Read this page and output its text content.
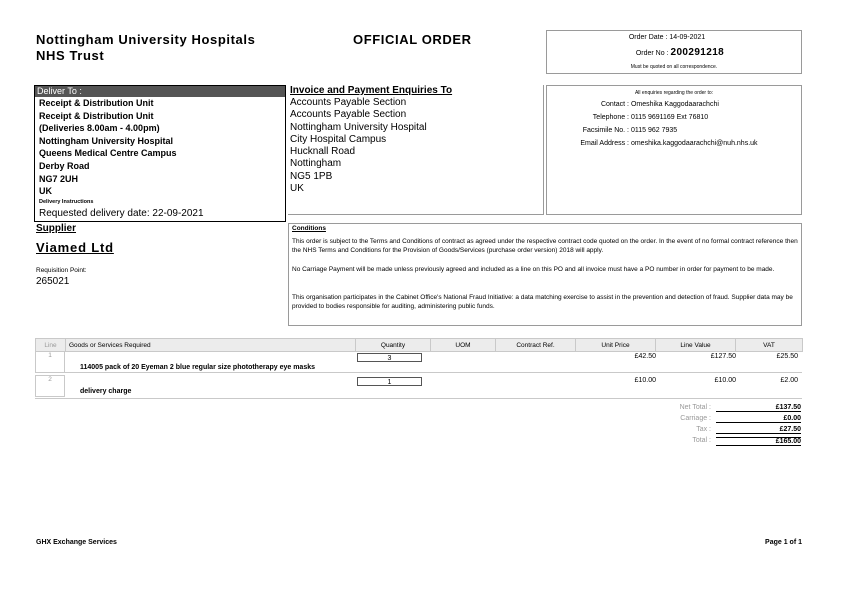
Nottingham University Hospitals
NHS Trust
OFFICIAL ORDER	Order Date : 14-09-2021
Order No : 200291218
Must be quoted on all correspondence.
Deliver To :
Receipt & Distribution Unit
Receipt & Distribution Unit
(Deliveries 8.00am - 4.00pm)
Nottingham University Hospital
Queens Medical Centre Campus
Derby Road
NG7 2UH
UK
Delivery Instructions
Requested delivery date: 22-09-2021
Invoice and Payment Enquiries To
Accounts Payable Section
Accounts Payable Section
Nottingham University Hospital
City Hospital Campus
Hucknall Road
Nottingham
NG5 1PB
UK
All enquiries regarding the order to:
Contact : Omeshika Kaggodaarachchi
Telephone : 0115 9691169 Ext 76810
Facsimile No. : 0115 962 7935
Email Address : omeshika.kaggodaarachchi@nuh.nhs.uk
Supplier
Viamed Ltd
Requisition Point:
265021
Conditions

This order is subject to the Terms and Conditions of contract as agreed under the respective contract code quoted on the order. In the event of no formal contract reference then the NHS Terms and Conditions for the Provision of Goods/Services (purchase order version) 2018 will apply.

No Carriage Payment will be made unless previously agreed and included as a line on this PO and all invoice must have a PO number in order for payment to be made.

This organisation participates in the Cabinet Office's National Fraud Initiative: a data matching exercise to assist in the prevention and detection of fraud. Supplier data may be provided to bodies responsible for auditing, administering public funds.

Line	Goods or Services Required	Quantity	UOM	Contract Ref.	Unit Price	Line Value	VAT
1	3	£42.50	£127.50	£25.50
114005 pack of 20 Eyeman 2 blue regular size phototherapy eye masks
2	1	£10.00	£10.00	£2.00
delivery charge
Net Total :	£137.50
Carriage :	£0.00
Tax :	£27.50
Total :	£165.00
GHX Exchange Services	Page 1 of 1
